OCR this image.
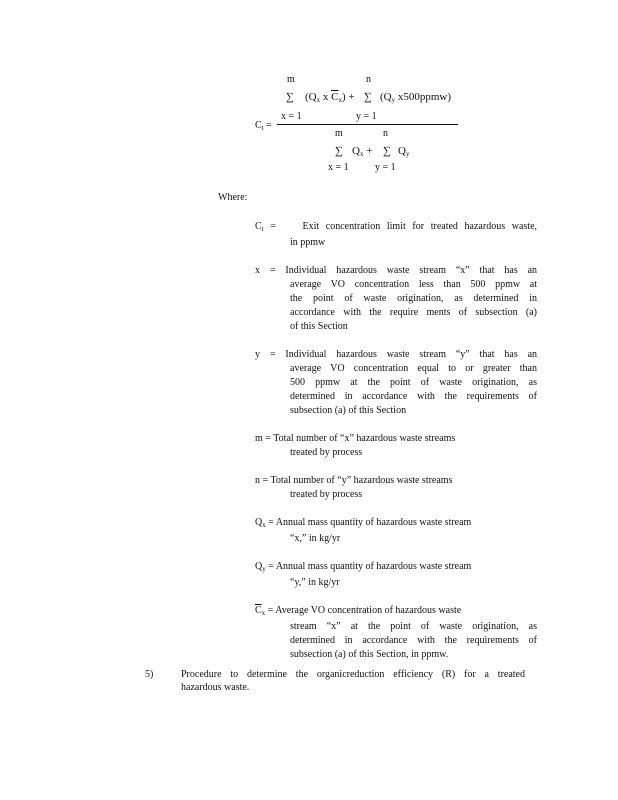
m	n
∑ ($Q_x$ x $\overline{C}_x$) + ∑ ($Q_y$ x500ppmw)
x = 1	y = 1
$C_t$ =
m	n
∑ $Q_x$ + ∑ $Q_y$
x = 1	y = 1
Where:
$C_t$ =	Exit concentration limit for treated hazardous waste,
in ppmw
x = Individual hazardous waste stream “x” that has an
average VO concentration less than 500 ppmw at
the point of waste origination, as determined in
accordance with the require ments of subsection (a)
of this Section
y = Individual hazardous waste stream “y” that has an
average VO concentration equal to or greater than
500 ppmw at the point of waste origination, as
determined in accordance with the requirements of
subsection (a) of this Section
m = Total number of “x” hazardous waste streams
treated by process
n = Total number of “y” hazardous waste streams
treated by process
$Q_x$ = Annual mass quantity of hazardous waste stream
“x,” in kg/yr
$Q_y$ = Annual mass quantity of hazardous waste stream
“y,” in kg/yr
$\overline{C}_x$ = Average VO concentration of hazardous waste
stream “x” at the point of waste origination, as
determined in accordance with the requirements of
subsection (a) of this Section, in ppmw.
5)	Procedure to determine the organicreduction efficiency (R) for a treated
hazardous waste.
